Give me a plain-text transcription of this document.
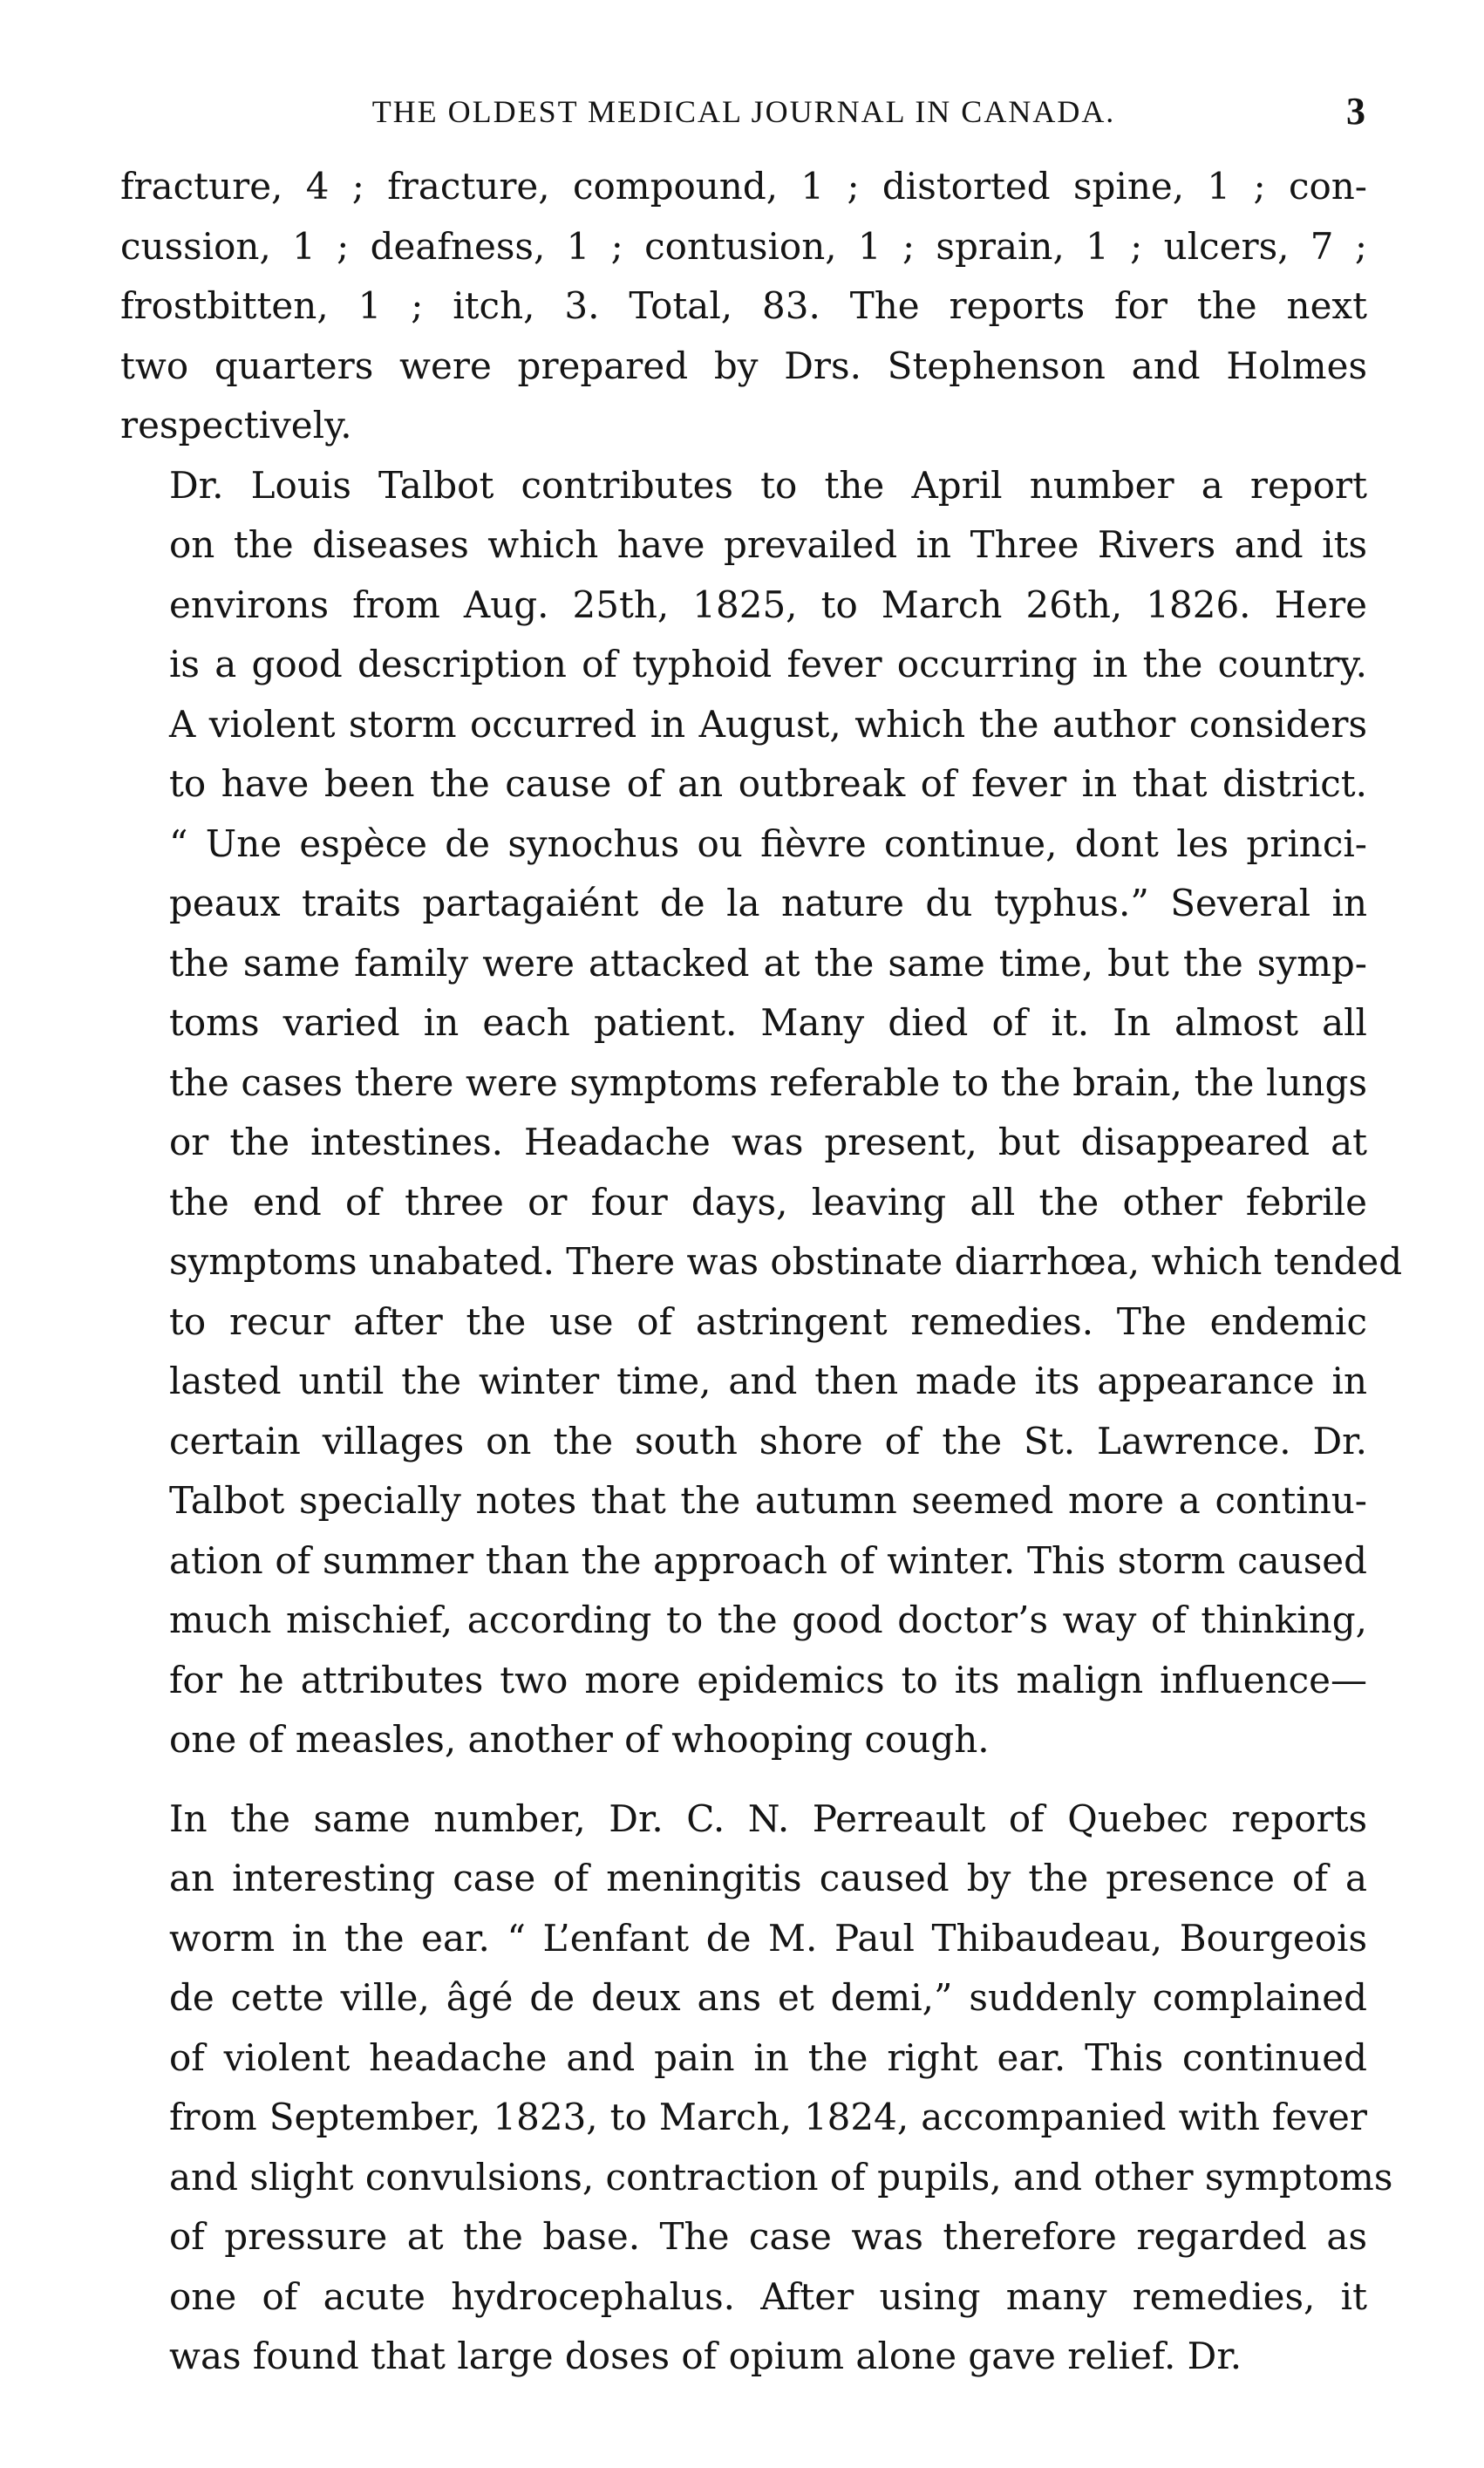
THE OLDEST MEDICAL JOURNAL IN CANADA.	3

fracture, 4 ; fracture, compound, 1 ; distorted spine, 1 ; con-
cussion, 1 ; deafness, 1 ; contusion, 1 ; sprain, 1 ; ulcers, 7 ;
frostbitten, 1 ; itch, 3. Total, 83. The reports for the next
two quarters were prepared by Drs. Stephenson and Holmes
respectively.

Dr. Louis Talbot contributes to the April number a report
on the diseases which have prevailed in Three Rivers and its
environs from Aug. 25th, 1825, to March 26th, 1826. Here
is a good description of typhoid fever occurring in the country.
A violent storm occurred in August, which the author considers
to have been the cause of an outbreak of fever in that district.
“ Une espèce de synochus ou fièvre continue, dont les princi-
peaux traits partagaiént de la nature du typhus.” Several in
the same family were attacked at the same time, but the symp-
toms varied in each patient. Many died of it. In almost all
the cases there were symptoms referable to the brain, the lungs
or the intestines. Headache was present, but disappeared at
the end of three or four days, leaving all the other febrile
symptoms unabated. There was obstinate diarrhœa, which tended
to recur after the use of astringent remedies. The endemic
lasted until the winter time, and then made its appearance in
certain villages on the south shore of the St. Lawrence. Dr.
Talbot specially notes that the autumn seemed more a continu-
ation of summer than the approach of winter. This storm caused
much mischief, according to the good doctor’s way of thinking,
for he attributes two more epidemics to its malign influence—
one of measles, another of whooping cough.

In the same number, Dr. C. N. Perreault of Quebec reports
an interesting case of meningitis caused by the presence of a
worm in the ear. “ L’enfant de M. Paul Thibaudeau, Bourgeois
de cette ville, âgé de deux ans et demi,” suddenly complained
of violent headache and pain in the right ear. This continued
from September, 1823, to March, 1824, accompanied with fever
and slight convulsions, contraction of pupils, and other symptoms
of pressure at the base. The case was therefore regarded as
one of acute hydrocephalus. After using many remedies, it
was found that large doses of opium alone gave relief. Dr.
